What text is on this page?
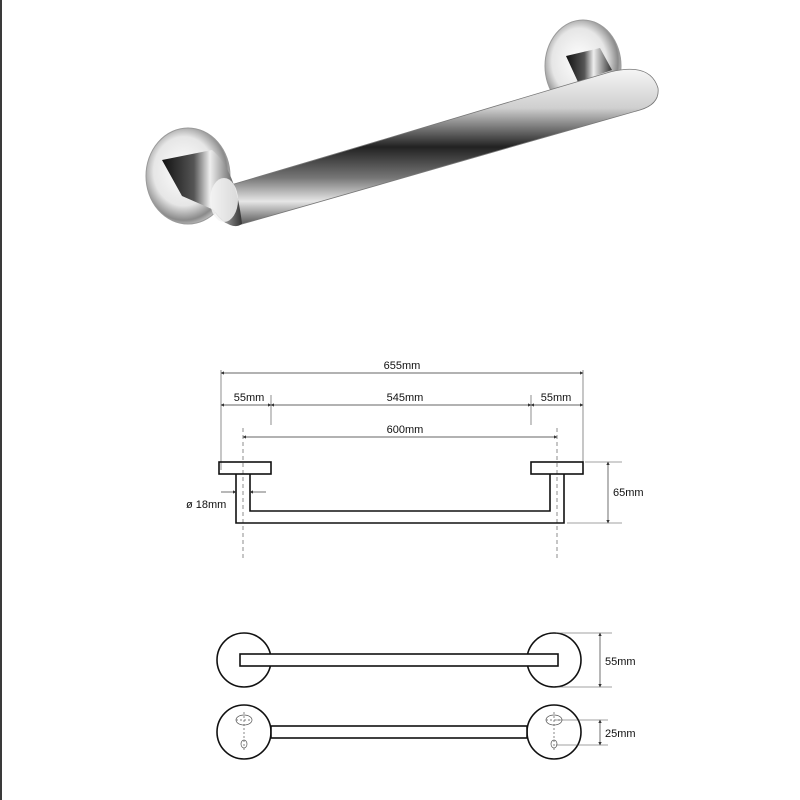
655mm
55mm	545mm	55mm
600mm
ø 18mm
65mm
55mm
25mm
